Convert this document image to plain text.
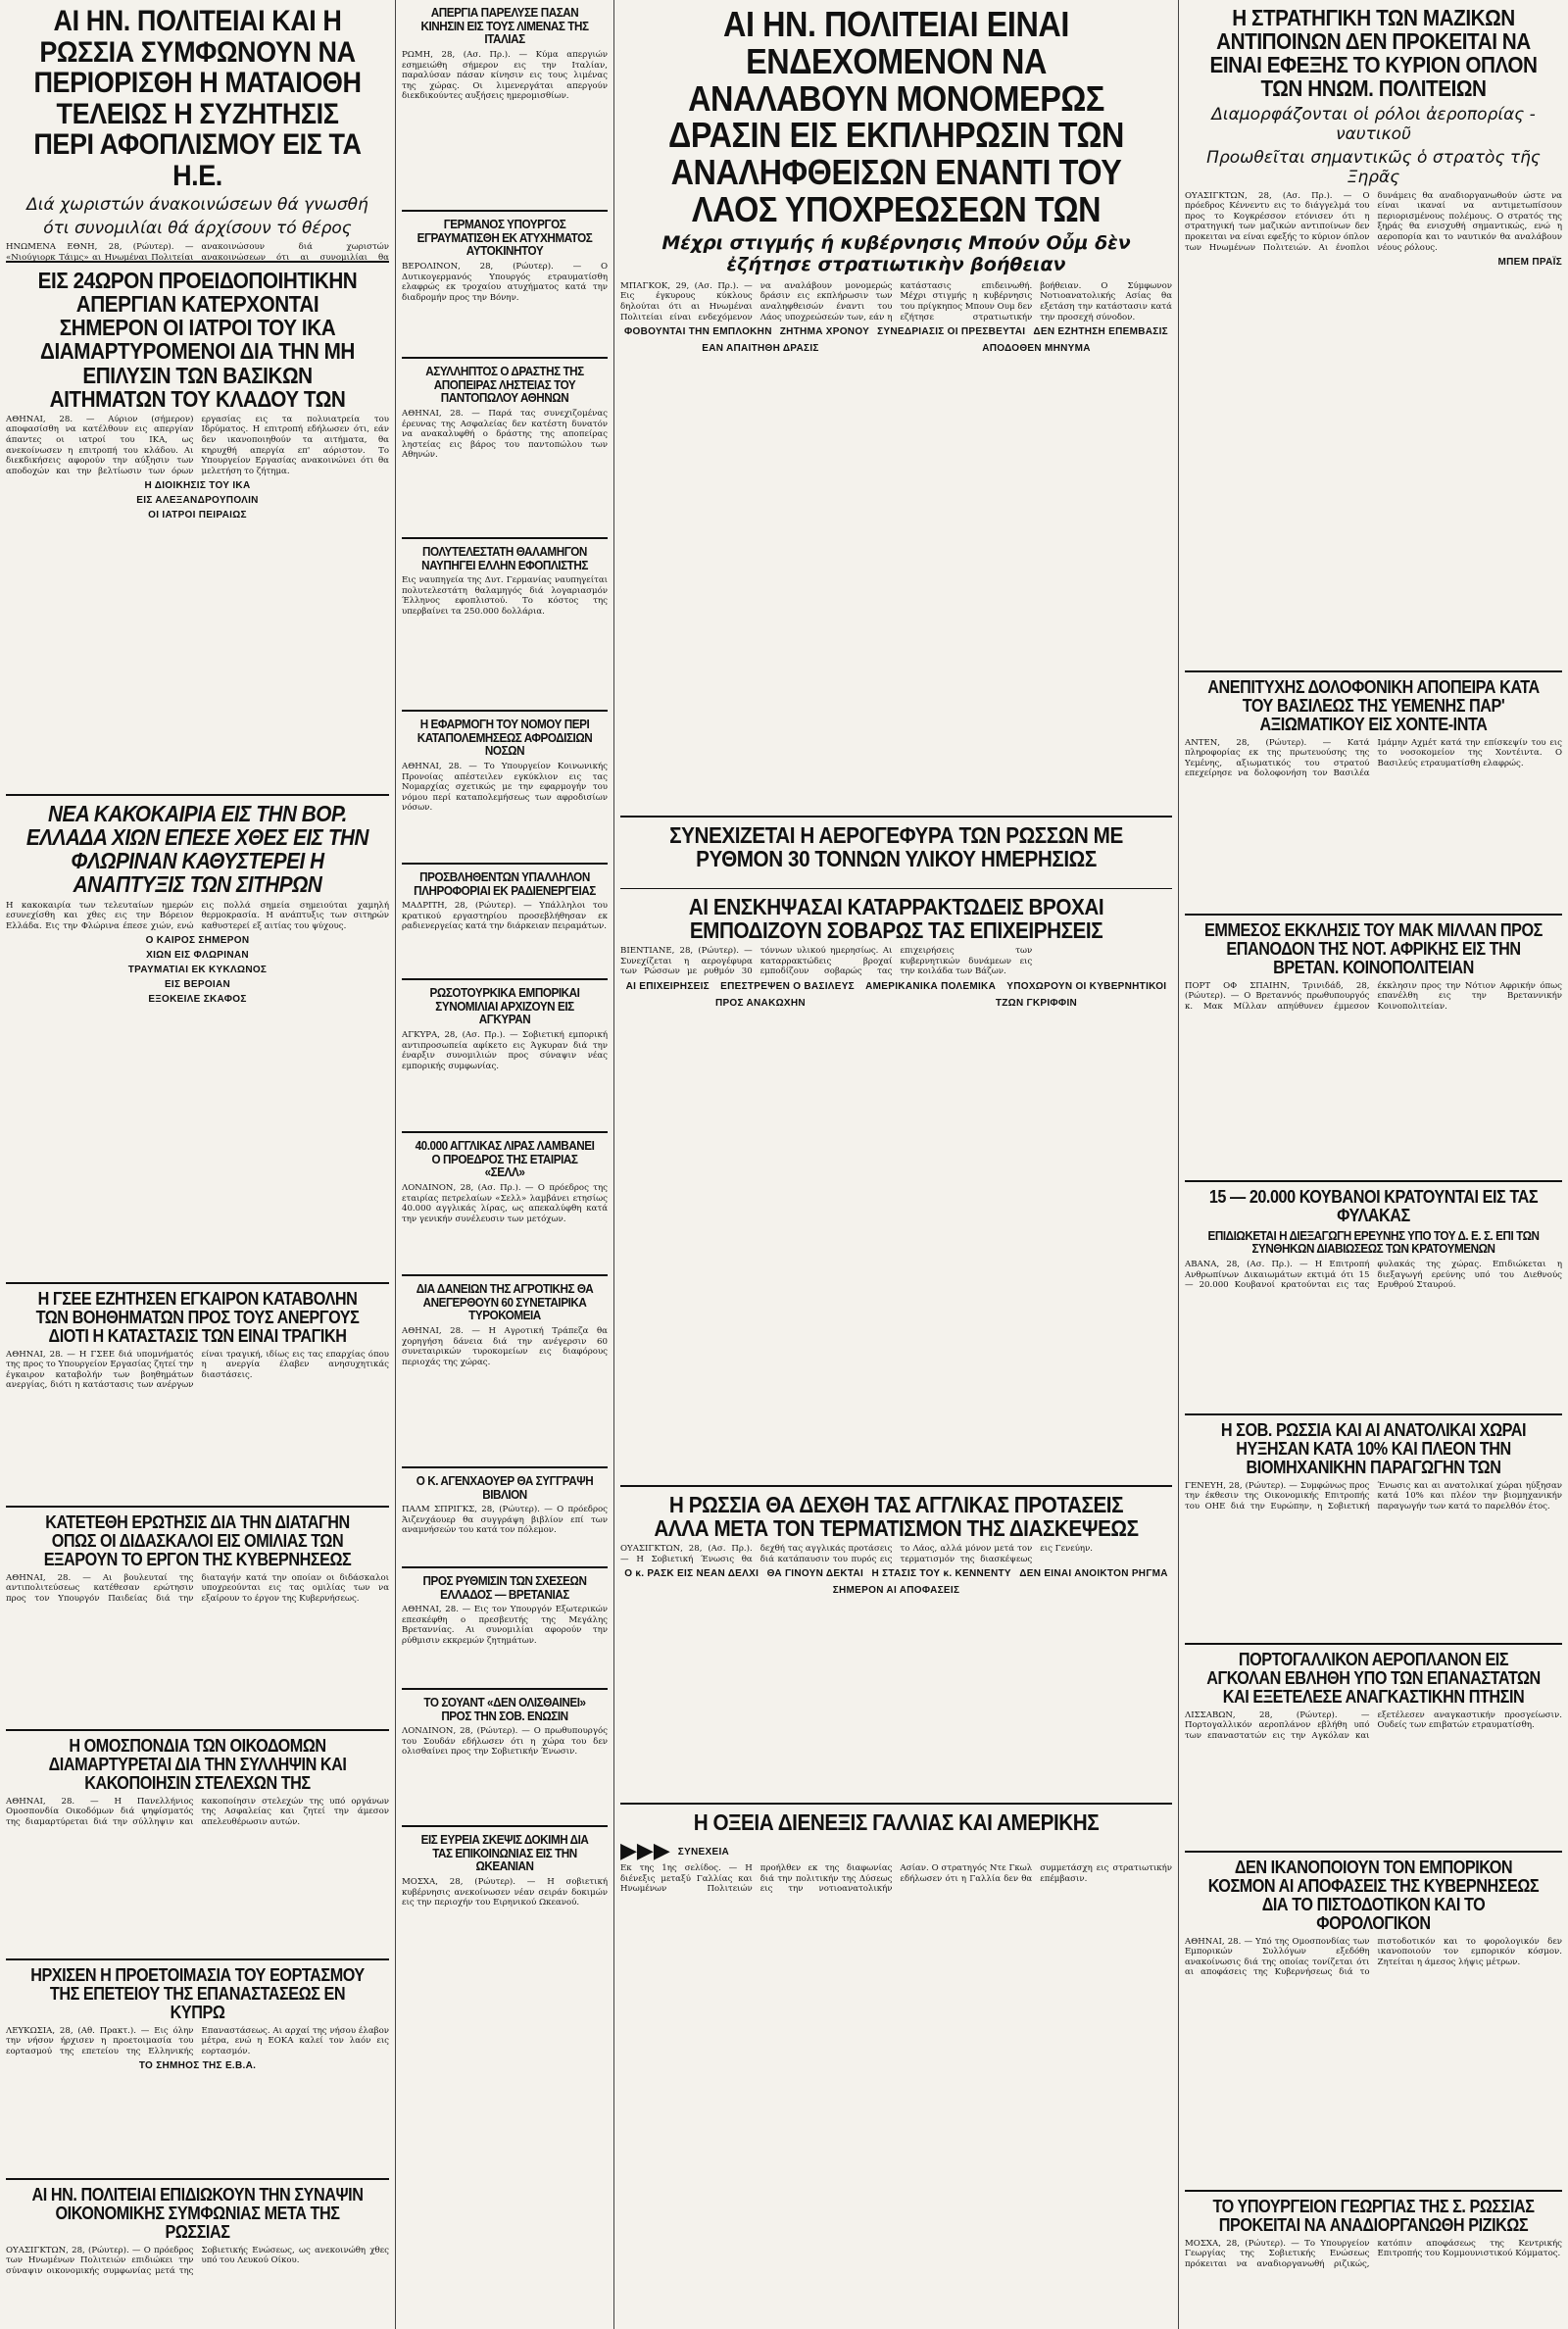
ΑΙ ΗΝ. ΠΟΛΙΤΕΙΑΙ ΚΑΙ Η ΡΩΣΣΙΑ ΣΥΜΦΩΝΟΥΝ ΝΑ ΠΕΡΙΟΡΙΣΘΗ Η ΜΑΤΑΙΟΘΗ ΤΕΛΕΙΩΣ Η ΣΥΖΗΤΗΣΙΣ ΠΕΡΙ ΑΦΟΠΛΙΣΜΟΥ ΕΙΣ ΤΑ Η.Ε.
Διά χωριστών άνακοινώσεων θά γνωσθή
ότι συνομιλίαι θά άρχίσουν τό θέρος

ΗΝΩΜΕΝΑ ΕΘΝΗ, 28, (Ρώυτερ). — «Νιούγιορκ Τάιμς» αι Ηνωμέναι Πολιτείαι ανακοινώσουν διά χωριστών ανακοινώσεων ότι αι συνομιλίαι θα

ΕΙΣ 24ΩΡΟΝ ΠΡΟΕΙΔΟΠΟΙΗΤΙΚΗΝ ΑΠΕΡΓΙΑΝ ΚΑΤΕΡΧΟΝΤΑΙ ΣΗΜΕΡΟΝ ΟΙ ΙΑΤΡΟΙ ΤΟΥ ΙΚΑ ΔΙΑΜΑΡΤΥΡΟΜΕΝΟΙ ΔΙΑ ΤΗΝ ΜΗ ΕΠΙΛΥΣΙΝ ΤΩΝ ΒΑΣΙΚΩΝ ΑΙΤΗΜΑΤΩΝ ΤΟΥ ΚΛΑΔΟΥ ΤΩΝ

ΑΘΗΝΑΙ, 28. — Αύριον (σήμερον) αποφασίσθη να κατέλθουν εις απεργίαν άπαντες οι ιατροί του ΙΚΑ, ως ανεκοίνωσεν η επιτροπή του κλάδου. Αι διεκδικήσεις αφορούν την αύξησιν των αποδοχών και την βελτίωσιν των όρων εργασίας εις τα πολυιατρεία του Ιδρύματος. Η επιτροπή εδήλωσεν ότι, εάν δεν ικανοποιηθούν τα αιτήματα, θα κηρυχθή απεργία επ' αόριστον. Το Υπουργείον Εργασίας ανακοινώνει ότι θα μελετήση το ζήτημα.

Η ΔΙΟΙΚΗΣΙΣ ΤΟΥ ΙΚΑ
ΕΙΣ ΑΛΕΞΑΝΔΡΟΥΠΟΛΙΝ
ΟΙ ΙΑΤΡΟΙ ΠΕΙΡΑΙΩΣ
ΝΕΑ ΚΑΚΟΚΑΙΡΙΑ ΕΙΣ ΤΗΝ ΒΟΡ. ΕΛΛΑΔΑ ΧΙΩΝ ΕΠΕΣΕ ΧΘΕΣ ΕΙΣ ΤΗΝ ΦΛΩΡΙΝΑΝ ΚΑΘΥΣΤΕΡΕΙ Η ΑΝΑΠΤΥΞΙΣ ΤΩΝ ΣΙΤΗΡΩΝ

Η κακοκαιρία των τελευταίων ημερών εσυνεχίσθη και χθες εις την Βόρειον Ελλάδα. Εις την Φλώρινα έπεσε χιών, ενώ εις πολλά σημεία σημειούται χαμηλή θερμοκρασία. Η ανάπτυξις των σιτηρών καθυστερεί εξ αιτίας του ψύχους.

Ο ΚΑΙΡΟΣ ΣΗΜΕΡΟΝ
ΧΙΩΝ ΕΙΣ ΦΛΩΡΙΝΑΝ
ΤΡΑΥΜΑΤΙΑΙ ΕΚ ΚΥΚΛΩΝΟΣ
ΕΙΣ ΒΕΡΟΙΑΝ
ΕΞΟΚΕΙΛΕ ΣΚΑΦΟΣ
Η ΓΣΕΕ ΕΖΗΤΗΣΕΝ ΕΓΚΑΙΡΟΝ ΚΑΤΑΒΟΛΗΝ ΤΩΝ ΒΟΗΘΗΜΑΤΩΝ ΠΡΟΣ ΤΟΥΣ ΑΝΕΡΓΟΥΣ ΔΙΟΤΙ Η ΚΑΤΑΣΤΑΣΙΣ ΤΩΝ ΕΙΝΑΙ ΤΡΑΓΙΚΗ

ΑΘΗΝΑΙ, 28. — Η ΓΣΕΕ διά υπομνήματός της προς το Υπουργείον Εργασίας ζητεί την έγκαιρον καταβολήν των βοηθημάτων ανεργίας, διότι η κατάστασις των ανέργων είναι τραγική, ιδίως εις τας επαρχίας όπου η ανεργία έλαβεν ανησυχητικάς διαστάσεις.

ΚΑΤΕΤΕΘΗ ΕΡΩΤΗΣΙΣ ΔΙΑ ΤΗΝ ΔΙΑΤΑΓΗΝ ΟΠΩΣ ΟΙ ΔΙΔΑΣΚΑΛΟΙ ΕΙΣ ΟΜΙΛΙΑΣ ΤΩΝ ΕΞΑΡΟΥΝ ΤΟ ΕΡΓΟΝ ΤΗΣ ΚΥΒΕΡΝΗΣΕΩΣ

ΑΘΗΝΑΙ, 28. — Αι βουλευταί της αντιπολιτεύσεως κατέθεσαν ερώτησιν προς τον Υπουργόν Παιδείας διά την διαταγήν κατά την οποίαν οι διδάσκαλοι υποχρεούνται εις τας ομιλίας των να εξαίρουν το έργον της Κυβερνήσεως.

Η ΟΜΟΣΠΟΝΔΙΑ ΤΩΝ ΟΙΚΟΔΟΜΩΝ ΔΙΑΜΑΡΤΥΡΕΤΑΙ ΔΙΑ ΤΗΝ ΣΥΛΛΗΨΙΝ ΚΑΙ ΚΑΚΟΠΟΙΗΣΙΝ ΣΤΕΛΕΧΩΝ ΤΗΣ

ΑΘΗΝΑΙ, 28. — Η Πανελλήνιος Ομοσπονδία Οικοδόμων διά ψηφίσματός της διαμαρτύρεται διά την σύλληψιν και κακοποίησιν στελεχών της υπό οργάνων της Ασφαλείας και ζητεί την άμεσον απελευθέρωσιν αυτών.

ΗΡΧΙΣΕΝ Η ΠΡΟΕΤΟΙΜΑΣΙΑ ΤΟΥ ΕΟΡΤΑΣΜΟΥ ΤΗΣ ΕΠΕΤΕΙΟΥ ΤΗΣ ΕΠΑΝΑΣΤΑΣΕΩΣ ΕΝ ΚΥΠΡΩ

ΛΕΥΚΩΣΙΑ, 28, (Αθ. Πρακτ.). — Εις όλην την νήσον ήρχισεν η προετοιμασία του εορτασμού της επετείου της Ελληνικής Επαναστάσεως. Αι αρχαί της νήσου έλαβον μέτρα, ενώ η ΕΟΚΑ καλεί τον λαόν εις εορτασμόν.

ΤΟ ΣΗΜΗΟΣ ΤΗΣ Ε.Β.Α.
ΑΙ ΗΝ. ΠΟΛΙΤΕΙΑΙ ΕΠΙΔΙΩΚΟΥΝ ΤΗΝ ΣΥΝΑΨΙΝ ΟΙΚΟΝΟΜΙΚΗΣ ΣΥΜΦΩΝΙΑΣ ΜΕΤΑ ΤΗΣ ΡΩΣΣΙΑΣ

ΟΥΑΣΙΓΚΤΩΝ, 28, (Ρώυτερ). — Ο πρόεδρος των Ηνωμένων Πολιτειών επιδιώκει την σύναψιν οικονομικής συμφωνίας μετά της Σοβιετικής Ενώσεως, ως ανεκοινώθη χθες υπό του Λευκού Οίκου.

ΑΠΕΡΓΙΑ ΠΑΡΕΛΥΣΕ ΠΑΣΑΝ ΚΙΝΗΣΙΝ ΕΙΣ ΤΟΥΣ ΛΙΜΕΝΑΣ ΤΗΣ ΙΤΑΛΙΑΣ

ΡΩΜΗ, 28, (Ασ. Πρ.). — Κύμα απεργιών εσημειώθη σήμερον εις την Ιταλίαν, παραλύσαν πάσαν κίνησιν εις τους λιμένας της χώρας. Οι λιμενεργάται απεργούν διεκδικούντες αυξήσεις ημερομισθίων.

ΓΕΡΜΑΝΟΣ ΥΠΟΥΡΓΟΣ ΕΓΡΑΥΜΑΤΙΣΘΗ ΕΚ ΑΤΥΧΗΜΑΤΟΣ ΑΥΤΟΚΙΝΗΤΟΥ

ΒΕΡΟΛΙΝΟΝ, 28, (Ρώυτερ). — Ο Δυτικογερμανός Υπουργός ετραυματίσθη ελαφρώς εκ τροχαίου ατυχήματος κατά την διαδρομήν προς την Βόνην.

ΑΣΥΛΛΗΠΤΟΣ Ο ΔΡΑΣΤΗΣ ΤΗΣ ΑΠΟΠΕΙΡΑΣ ΛΗΣΤΕΙΑΣ ΤΟΥ ΠΑΝΤΟΠΩΛΟΥ ΑΘΗΝΩΝ

ΑΘΗΝΑΙ, 28. — Παρά τας συνεχιζομένας έρευνας της Ασφαλείας δεν κατέστη δυνατόν να ανακαλυφθή ο δράστης της αποπείρας ληστείας εις βάρος του παντοπώλου των Αθηνών.

ΠΟΛΥΤΕΛΕΣΤΑΤΗ ΘΑΛΑΜΗΓΟΝ ΝΑΥΠΗΓΕΙ ΕΛΛΗΝ ΕΦΟΠΛΙΣΤΗΣ

Εις ναυπηγεία της Δυτ. Γερμανίας ναυπηγείται πολυτελεστάτη θαλαμηγός διά λογαριασμόν Έλληνος εφοπλιστού. Το κόστος της υπερβαίνει τα 250.000 δολλάρια.

Η ΕΦΑΡΜΟΓΗ ΤΟΥ ΝΟΜΟΥ ΠΕΡΙ ΚΑΤΑΠΟΛΕΜΗΣΕΩΣ ΑΦΡΟΔΙΣΙΩΝ ΝΟΣΩΝ

ΑΘΗΝΑΙ, 28. — Το Υπουργείον Κοινωνικής Προνοίας απέστειλεν εγκύκλιον εις τας Νομαρχίας σχετικώς με την εφαρμογήν του νόμου περί καταπολεμήσεως των αφροδισίων νόσων.

ΠΡΟΣΒΛΗΘΕΝΤΩΝ ΥΠΑΛΛΗΛΟΝ ΠΛΗΡΟΦΟΡΙΑΙ ΕΚ ΡΑΔΙΕΝΕΡΓΕΙΑΣ

ΜΑΔΡΙΤΗ, 28, (Ρώυτερ). — Υπάλληλοι του κρατικού εργαστηρίου προσεβλήθησαν εκ ραδιενεργείας κατά την διάρκειαν πειραμάτων.

ΡΩΣΟΤΟΥΡΚΙΚΑ ΕΜΠΟΡΙΚΑΙ ΣΥΝΟΜΙΛΙΑΙ ΑΡΧΙΖΟΥΝ ΕΙΣ ΑΓΚΥΡΑΝ

ΑΓΚΥΡΑ, 28, (Ασ. Πρ.). — Σοβιετική εμπορική αντιπροσωπεία αφίκετο εις Άγκυραν διά την έναρξιν συνομιλιών προς σύναψιν νέας εμπορικής συμφωνίας.

40.000 ΑΓΓΛΙΚΑΣ ΛΙΡΑΣ ΛΑΜΒΑΝΕΙ Ο ΠΡΟΕΔΡΟΣ ΤΗΣ ΕΤΑΙΡΙΑΣ «ΣΕΛΛ»

ΛΟΝΔΙΝΟΝ, 28, (Ασ. Πρ.). — Ο πρόεδρος της εταιρίας πετρελαίων «Σελλ» λαμβάνει ετησίως 40.000 αγγλικάς λίρας, ως απεκαλύφθη κατά την γενικήν συνέλευσιν των μετόχων.

ΔΙΑ ΔΑΝΕΙΩΝ ΤΗΣ ΑΓΡΟΤΙΚΗΣ ΘΑ ΑΝΕΓΕΡΘΟΥΝ 60 ΣΥΝΕΤΑΙΡΙΚΑ ΤΥΡΟΚΟΜΕΙΑ

ΑΘΗΝΑΙ, 28. — Η Αγροτική Τράπεζα θα χορηγήση δάνεια διά την ανέγερσιν 60 συνεταιρικών τυροκομείων εις διαφόρους περιοχάς της χώρας.

Ο Κ. ΑΓΕΝΧΑΟΥΕΡ ΘΑ ΣΥΓΓΡΑΨΗ ΒΙΒΛΙΟΝ

ΠΑΛΜ ΣΠΡΙΓΚΣ, 28, (Ρώυτερ). — Ο πρόεδρος Άιζενχάουερ θα συγγράψη βιβλίον επί των αναμνήσεών του κατά τον πόλεμον.

ΠΡΟΣ ΡΥΘΜΙΣΙΝ ΤΩΝ ΣΧΕΣΕΩΝ ΕΛΛΑΔΟΣ — ΒΡΕΤΑΝΙΑΣ

ΑΘΗΝΑΙ, 28. — Εις τον Υπουργόν Εξωτερικών επεσκέφθη ο πρεσβευτής της Μεγάλης Βρεταννίας. Αι συνομιλίαι αφορούν την ρύθμισιν εκκρεμών ζητημάτων.

ΤΟ ΣΟΥΑΝΤ «ΔΕΝ ΟΛΙΣΘΑΙΝΕΙ» ΠΡΟΣ ΤΗΝ ΣΟΒ. ΕΝΩΣΙΝ

ΛΟΝΔΙΝΟΝ, 28, (Ρώυτερ). — Ο πρωθυπουργός του Σουδάν εδήλωσεν ότι η χώρα του δεν ολισθαίνει προς την Σοβιετικήν Ένωσιν.

ΕΙΣ ΕΥΡΕΙΑ ΣΚΕΨΙΣ ΔΟΚΙΜΗ ΔΙΑ ΤΑΣ ΕΠΙΚΟΙΝΩΝΙΑΣ ΕΙΣ ΤΗΝ ΩΚΕΑΝΙΑΝ

ΜΟΣΧΑ, 28, (Ρώυτερ). — Η σοβιετική κυβέρνησις ανεκοίνωσεν νέαν σειράν δοκιμών εις την περιοχήν του Ειρηνικού Ωκεανού.

ΑΙ ΗΝ. ΠΟΛΙΤΕΙΑΙ ΕΙΝΑΙ ΕΝΔΕΧΟΜΕΝΟΝ ΝΑ ΑΝΑΛΑΒΟΥΝ ΜΟΝΟΜΕΡΩΣ ΔΡΑΣΙΝ ΕΙΣ ΕΚΠΛΗΡΩΣΙΝ ΤΩΝ ΑΝΑΛΗΦΘΕΙΣΩΝ ΕΝΑΝΤΙ ΤΟΥ ΛΑΟΣ ΥΠΟΧΡΕΩΣΕΩΝ ΤΩΝ
Μέχρι στιγμής ή κυβέρνησις Μπούν Οὖμ δὲν ἐζήτησε στρατιωτικὴν βοήθειαν

ΜΠΑΓΚΟΚ, 29, (Ασ. Πρ.). — Εις έγκυρους κύκλους δηλούται ότι αι Ηνωμέναι Πολιτείαι είναι ενδεχόμενον να αναλάβουν μονομερώς δράσιν εις εκπλήρωσιν των αναληφθεισών έναντι του Λάος υποχρεώσεών των, εάν η κατάστασις επιδεινωθή. Μέχρι στιγμής η κυβέρνησις του πρίγκηπος Μπουν Ουμ δεν εζήτησε στρατιωτικήν βοήθειαν. Ο Σύμφωνον Νοτιοανατολικής Ασίας θα εξετάση την κατάστασιν κατά την προσεχή σύνοδον.

ΦΟΒΟΥΝΤΑΙ ΤΗΝ ΕΜΠΛΟΚΗΝ ΖΗΤΗΜΑ ΧΡΟΝΟΥ ΣΥΝΕΔΡΙΑΣΙΣ ΟΙ ΠΡΕΣΒΕΥΤΑΙ ΔΕΝ ΕΖΗΤΗΣΗ ΕΠΕΜΒΑΣΙΣ
ΕΑΝ ΑΠΑΙΤΗΘΗ ΔΡΑΣΙΣ	ΑΠΟΔΟΘΕΝ ΜΗΝΥΜΑ
ΣΥΝΕΧΙΖΕΤΑΙ Η ΑΕΡΟΓΕΦΥΡΑ ΤΩΝ ΡΩΣΣΩΝ ΜΕ ΡΥΘΜΟΝ 30 ΤΟΝΝΩΝ ΥΛΙΚΟΥ ΗΜΕΡΗΣΙΩΣ
ΑΙ ΕΝΣΚΗΨΑΣΑΙ ΚΑΤΑΡΡΑΚΤΩΔΕΙΣ ΒΡΟΧΑΙ ΕΜΠΟΔΙΖΟΥΝ ΣΟΒΑΡΩΣ ΤΑΣ ΕΠΙΧΕΙΡΗΣΕΙΣ

ΒΙΕΝΤΙΑΝΕ, 28, (Ρώυτερ). — Συνεχίζεται η αερογέφυρα των Ρώσσων με ρυθμόν 30 τόννων υλικού ημερησίως. Αι καταρρακτώδεις βροχαί εμποδίζουν σοβαρώς τας επιχειρήσεις των κυβερνητικών δυνάμεων εις την κοιλάδα των Βάζων.

ΑΙ ΕΠΙΧΕΙΡΗΣΕΙΣ ΕΠΕΣΤΡΕΨΕΝ Ο ΒΑΣΙΛΕΥΣ ΑΜΕΡΙΚΑΝΙΚΑ ΠΟΛΕΜΙΚΑ ΥΠΟΧΩΡΟΥΝ ΟΙ ΚΥΒΕΡΝΗΤΙΚΟΙ
ΠΡΟΣ ΑΝΑΚΩΧΗΝ	ΤΖΩΝ ΓΚΡΙΦΦΙΝ
Η ΡΩΣΣΙΑ ΘΑ ΔΕΧΘΗ ΤΑΣ ΑΓΓΛΙΚΑΣ ΠΡΟΤΑΣΕΙΣ ΑΛΛΑ ΜΕΤΑ ΤΟΝ ΤΕΡΜΑΤΙΣΜΟΝ ΤΗΣ ΔΙΑΣΚΕΨΕΩΣ

ΟΥΑΣΙΓΚΤΩΝ, 28, (Ασ. Πρ.). — Η Σοβιετική Ένωσις θα δεχθή τας αγγλικάς προτάσεις διά κατάπαυσιν του πυρός εις το Λάος, αλλά μόνον μετά τον τερματισμόν της διασκέψεως εις Γενεύην.

Ο κ. ΡΑΣΚ ΕΙΣ ΝΕΑΝ ΔΕΛΧΙ ΘΑ ΓΙΝΟΥΝ ΔΕΚΤΑΙ Η ΣΤΑΣΙΣ ΤΟΥ κ. ΚΕΝΝΕΝΤΥ ΔΕΝ ΕΙΝΑΙ ΑΝΟΙΚΤΟΝ ΡΗΓΜΑ
ΣΗΜΕΡΟΝ ΑΙ ΑΠΟΦΑΣΕΙΣ
Η ΟΞΕΙΑ ΔΙΕΝΕΞΙΣ ΓΑΛΛΙΑΣ ΚΑΙ ΑΜΕΡΙΚΗΣ
▶▶▶ ΣΥΝΕΧΕΙΑ

Εκ της 1ης σελίδος. — Η διένεξις μεταξύ Γαλλίας και Ηνωμένων Πολιτειών προήλθεν εκ της διαφωνίας διά την πολιτικήν της Δύσεως εις την νοτιοανατολικήν Ασίαν. Ο στρατηγός Ντε Γκωλ εδήλωσεν ότι η Γαλλία δεν θα συμμετάσχη εις στρατιωτικήν επέμβασιν.

Η ΣΤΡΑΤΗΓΙΚΗ ΤΩΝ ΜΑΖΙΚΩΝ ΑΝΤΙΠΟΙΝΩΝ ΔΕΝ ΠΡΟΚΕΙΤΑΙ ΝΑ ΕΙΝΑΙ ΕΦΕΞΗΣ ΤΟ ΚΥΡΙΟΝ ΟΠΛΟΝ ΤΩΝ ΗΝΩΜ. ΠΟΛΙΤΕΙΩΝ
Διαμορφάζονται οἱ ρόλοι ἀεροπορίας - ναυτικοῦ
Προωθεῖται σημαντικῶς ὁ στρατὸς τῆς Ξηρᾶς

ΟΥΑΣΙΓΚΤΩΝ, 28, (Ασ. Πρ.). — Ο πρόεδρος Κέννεντυ εις το διάγγελμά του προς το Κογκρέσσον ετόνισεν ότι η στρατηγική των μαζικών αντιποίνων δεν προκειται να είναι εφεξής το κύριον όπλον των Ηνωμένων Πολιτειών. Αι ένοπλοι δυνάμεις θα αναδιοργανωθούν ώστε να είναι ικαναί να αντιμετωπίσουν περιορισμένους πολέμους. Ο στρατός της ξηράς θα ενισχυθή σημαντικώς, ενώ η αεροπορία και το ναυτικόν θα αναλάβουν νέους ρόλους.

ΜΠΕΜ ΠΡΑΪΣ
ΑΝΕΠΙΤΥΧΗΣ ΔΟΛΟΦΟΝΙΚΗ ΑΠΟΠΕΙΡΑ ΚΑΤΑ ΤΟΥ ΒΑΣΙΛΕΩΣ ΤΗΣ ΥΕΜΕΝΗΣ ΠΑΡ' ΑΞΙΩΜΑΤΙΚΟΥ ΕΙΣ ΧΟΝΤΕ-ΙΝΤΑ

ΑΝΤΕΝ, 28, (Ρώυτερ). — Κατά πληροφορίας εκ της πρωτευούσης της Υεμένης, αξιωματικός του στρατού επεχείρησε να δολοφονήση τον Βασιλέα Ιμάμην Αχμέτ κατά την επίσκεψίν του εις το νοσοκομείον της Χοντέιντα. Ο Βασιλεύς ετραυματίσθη ελαφρώς.

ΕΜΜΕΣΟΣ ΕΚΚΛΗΣΙΣ ΤΟΥ ΜΑΚ ΜΙΛΛΑΝ ΠΡΟΣ ΕΠΑΝΟΔΟΝ ΤΗΣ ΝΟΤ. ΑΦΡΙΚΗΣ ΕΙΣ ΤΗΝ ΒΡΕΤΑΝ. ΚΟΙΝΟΠΟΛΙΤΕΙΑΝ

ΠΟΡΤ ΟΦ ΣΠΑΙΗΝ, Τρινιδάδ, 28, (Ρώυτερ). — Ο Βρεταννός πρωθυπουργός κ. Μακ Μίλλαν απηύθυνεν έμμεσον έκκλησιν προς την Νότιον Αφρικήν όπως επανέλθη εις την Βρεταννικήν Κοινοπολιτείαν.

15 — 20.000 ΚΟΥΒΑΝΟΙ ΚΡΑΤΟΥΝΤΑΙ ΕΙΣ ΤΑΣ ΦΥΛΑΚΑΣ
ΕΠΙΔΙΩΚΕΤΑΙ Η ΔΙΕΞΑΓΩΓΗ ΕΡΕΥΝΗΣ ΥΠΟ ΤΟΥ Δ. Ε. Σ. ΕΠΙ ΤΩΝ ΣΥΝΘΗΚΩΝ ΔΙΑΒΙΩΣΕΩΣ ΤΩΝ ΚΡΑΤΟΥΜΕΝΩΝ

ΑΒΑΝΑ, 28, (Ασ. Πρ.). — Η Επιτροπή Ανθρωπίνων Δικαιωμάτων εκτιμά ότι 15 — 20.000 Κουβανοί κρατούνται εις τας φυλακάς της χώρας. Επιδιώκεται η διεξαγωγή ερεύνης υπό του Διεθνούς Ερυθρού Σταυρού.

Η ΣΟΒ. ΡΩΣΣΙΑ ΚΑΙ ΑΙ ΑΝΑΤΟΛΙΚΑΙ ΧΩΡΑΙ ΗΥΞΗΣΑΝ ΚΑΤΑ 10% ΚΑΙ ΠΛΕΟΝ ΤΗΝ ΒΙΟΜΗΧΑΝΙΚΗΝ ΠΑΡΑΓΩΓΗΝ ΤΩΝ

ΓΕΝΕΥΗ, 28, (Ρώυτερ). — Συμφώνως προς την έκθεσιν της Οικονομικής Επιτροπής του ΟΗΕ διά την Ευρώπην, η Σοβιετική Ένωσις και αι ανατολικαί χώραι ηύξησαν κατά 10% και πλέον την βιομηχανικήν παραγωγήν των κατά το παρελθόν έτος.

ΠΟΡΤΟΓΑΛΛΙΚΟΝ ΑΕΡΟΠΛΑΝΟΝ ΕΙΣ ΑΓΚΟΛΑΝ ΕΒΛΗΘΗ ΥΠΟ ΤΩΝ ΕΠΑΝΑΣΤΑΤΩΝ ΚΑΙ ΕΞΕΤΕΛΕΣΕ ΑΝΑΓΚΑΣΤΙΚΗΝ ΠΤΗΣΙΝ

ΛΙΣΣΑΒΩΝ, 28, (Ρώυτερ). — Πορτογαλλικόν αεροπλάνον εβλήθη υπό των επαναστατών εις την Αγκόλαν και εξετέλεσεν αναγκαστικήν προσγείωσιν. Ουδείς των επιβατών ετραυματίσθη.

ΔΕΝ ΙΚΑΝΟΠΟΙΟΥΝ ΤΟΝ ΕΜΠΟΡΙΚΟΝ ΚΟΣΜΟΝ ΑΙ ΑΠΟΦΑΣΕΙΣ ΤΗΣ ΚΥΒΕΡΝΗΣΕΩΣ ΔΙΑ ΤΟ ΠΙΣΤΟΔΟΤΙΚΟΝ ΚΑΙ ΤΟ ΦΟΡΟΛΟΓΙΚΟΝ

ΑΘΗΝΑΙ, 28. — Υπό της Ομοσπονδίας των Εμπορικών Συλλόγων εξεδόθη ανακοίνωσις διά της οποίας τονίζεται ότι αι αποφάσεις της Κυβερνήσεως διά το πιστοδοτικόν και το φορολογικόν δεν ικανοποιούν τον εμπορικόν κόσμον. Ζητείται η άμεσος λήψις μέτρων.

ΤΟ ΥΠΟΥΡΓΕΙΟΝ ΓΕΩΡΓΙΑΣ ΤΗΣ Σ. ΡΩΣΣΙΑΣ ΠΡΟΚΕΙΤΑΙ ΝΑ ΑΝΑΔΙΟΡΓΑΝΩΘΗ ΡΙΖΙΚΩΣ

ΜΟΣΧΑ, 28, (Ρώυτερ). — Το Υπουργείον Γεωργίας της Σοβιετικής Ενώσεως πρόκειται να αναδιοργανωθή ριζικώς, κατόπιν αποφάσεως της Κεντρικής Επιτροπής του Κομμουνιστικού Κόμματος.
